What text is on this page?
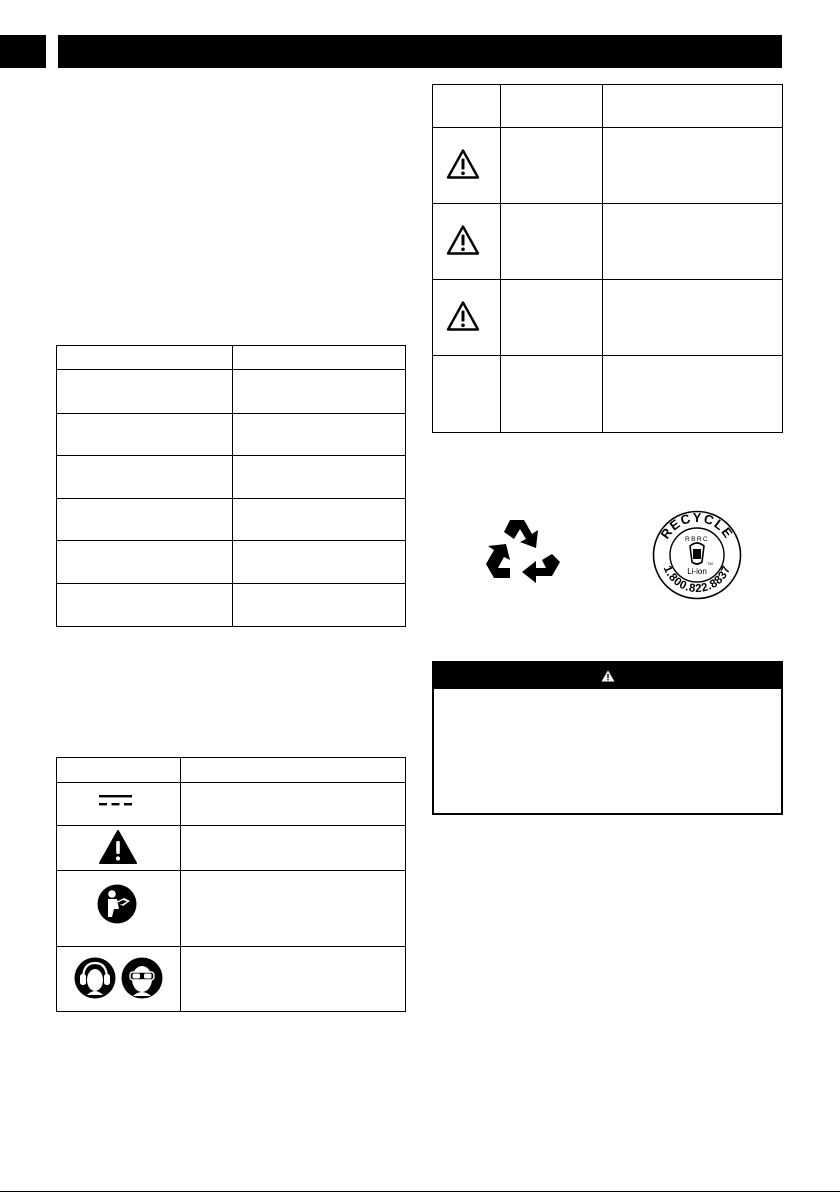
RECYCLE
1.800.822.8837
RBRC
TM
Li-ion
